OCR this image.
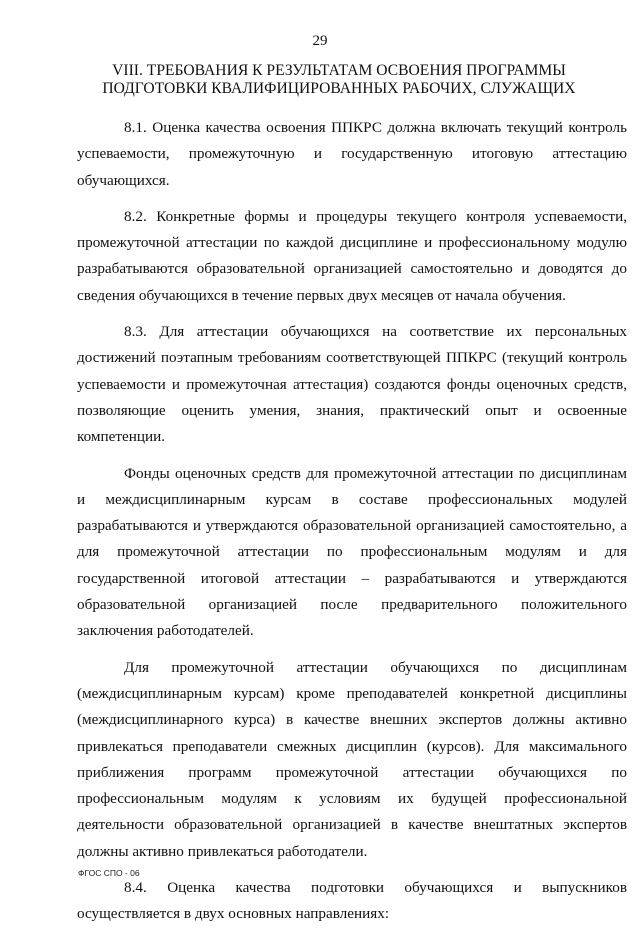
29
VIII. ТРЕБОВАНИЯ К РЕЗУЛЬТАТАМ ОСВОЕНИЯ ПРОГРАММЫ
ПОДГОТОВКИ КВАЛИФИЦИРОВАННЫХ РАБОЧИХ, СЛУЖАЩИХ

8.1. Оценка качества освоения ППКРС должна включать текущий контроль успеваемости, промежуточную и государственную итоговую аттестацию обучающихся.

8.2. Конкретные формы и процедуры текущего контроля успеваемости, промежуточной аттестации по каждой дисциплине и профессиональному модулю разрабатываются образовательной организацией самостоятельно и доводятся до сведения обучающихся в течение первых двух месяцев от начала обучения.

8.3. Для аттестации обучающихся на соответствие их персональных достижений поэтапным требованиям соответствующей ППКРС (текущий контроль успеваемости и промежуточная аттестация) создаются фонды оценочных средств, позволяющие оценить умения, знания, практический опыт и освоенные компетенции.

Фонды оценочных средств для промежуточной аттестации по дисциплинам и междисциплинарным курсам в составе профессиональных модулей разрабатываются и утверждаются образовательной организацией самостоятельно, а для промежуточной аттестации по профессиональным модулям и для государственной итоговой аттестации – разрабатываются и утверждаются образовательной организацией после предварительного положительного заключения работодателей.

Для промежуточной аттестации обучающихся по дисциплинам (междисциплинарным курсам) кроме преподавателей конкретной дисциплины (междисциплинарного курса) в качестве внешних экспертов должны активно привлекаться преподаватели смежных дисциплин (курсов). Для максимального приближения программ промежуточной аттестации обучающихся по профессиональным модулям к условиям их будущей профессиональной деятельности образовательной организацией в качестве внештатных экспертов должны активно привлекаться работодатели.

8.4. Оценка качества подготовки обучающихся и выпускников осуществляется в двух основных направлениях:

ФГОС СПО - 06
